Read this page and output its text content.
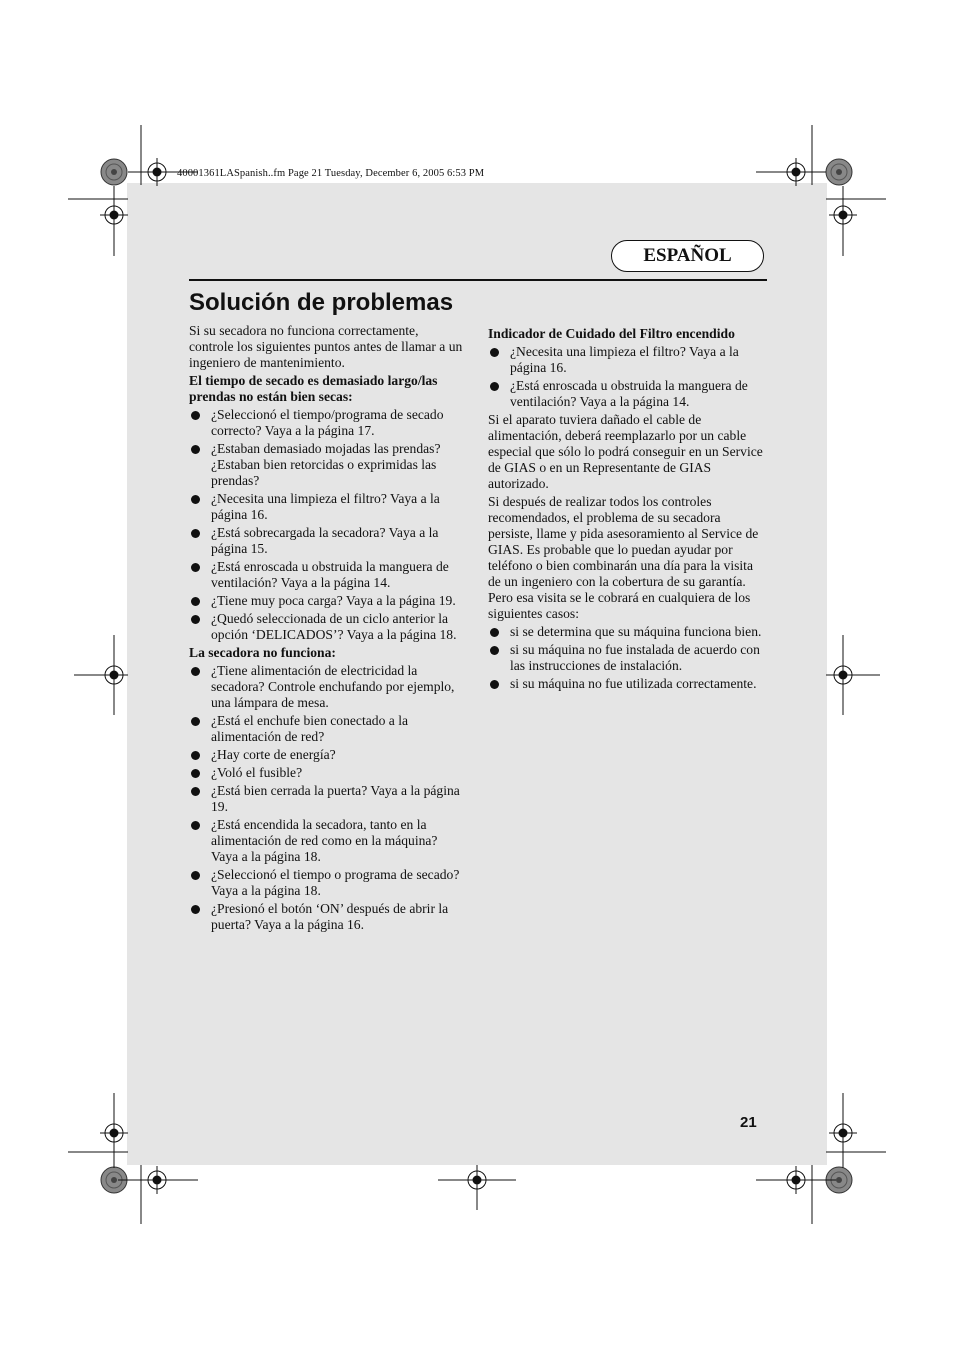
40001361LASpanish..fm Page 21 Tuesday, December 6, 2005 6:53 PM
ESPAÑOL
Solución de problemas

Si su secadora no funciona correctamente, controle los siguientes puntos antes de llamar a un ingeniero de mantenimiento.

El tiempo de secado es demasiado largo/las prendas no están bien secas:

¿Seleccionó el tiempo/programa de secado correcto? Vaya a la página 17.
¿Estaban demasiado mojadas las prendas? ¿Estaban bien retorcidas o exprimidas las prendas?
¿Necesita una limpieza el filtro? Vaya a la página 16.
¿Está sobrecargada la secadora? Vaya a la página 15.
¿Está enroscada u obstruida la manguera de ventilación? Vaya a la página 14.
¿Tiene muy poca carga? Vaya a la página 19.
¿Quedó seleccionada de un ciclo anterior la opción ‘DELICADOS’? Vaya a la página 18.

La secadora no funciona:

¿Tiene alimentación de electricidad la secadora? Controle enchufando por ejemplo, una lámpara de mesa.
¿Está el enchufe bien conectado a la alimentación de red?
¿Hay corte de energía?
¿Voló el fusible?
¿Está bien cerrada la puerta? Vaya a la página 19.
¿Está encendida la secadora, tanto en la alimentación de red como en la máquina? Vaya a la página 18.
¿Seleccionó el tiempo o programa de secado? Vaya a la página 18.
¿Presionó el botón ‘ON’ después de abrir la puerta? Vaya a la página 16.

Indicador de Cuidado del Filtro encendido

¿Necesita una limpieza el filtro? Vaya a la página 16.
¿Está enroscada u obstruida la manguera de ventilación? Vaya a la página 14.

Si el aparato tuviera dañado el cable de alimentación, deberá reemplazarlo por un cable especial que sólo lo podrá conseguir en un Service de GIAS o en un Representante de GIAS autorizado.

Si después de realizar todos los controles recomendados, el problema de su secadora persiste, llame y pida asesoramiento al Service de GIAS. Es probable que lo puedan ayudar por teléfono o bien combinarán una día para la visita de un ingeniero con la cobertura de su garantía. Pero esa visita se le cobrará en cualquiera de los siguientes casos:

si se determina que su máquina funciona bien.
si su máquina no fue instalada de acuerdo con las instrucciones de instalación.
si su máquina no fue utilizada correctamente.
21
